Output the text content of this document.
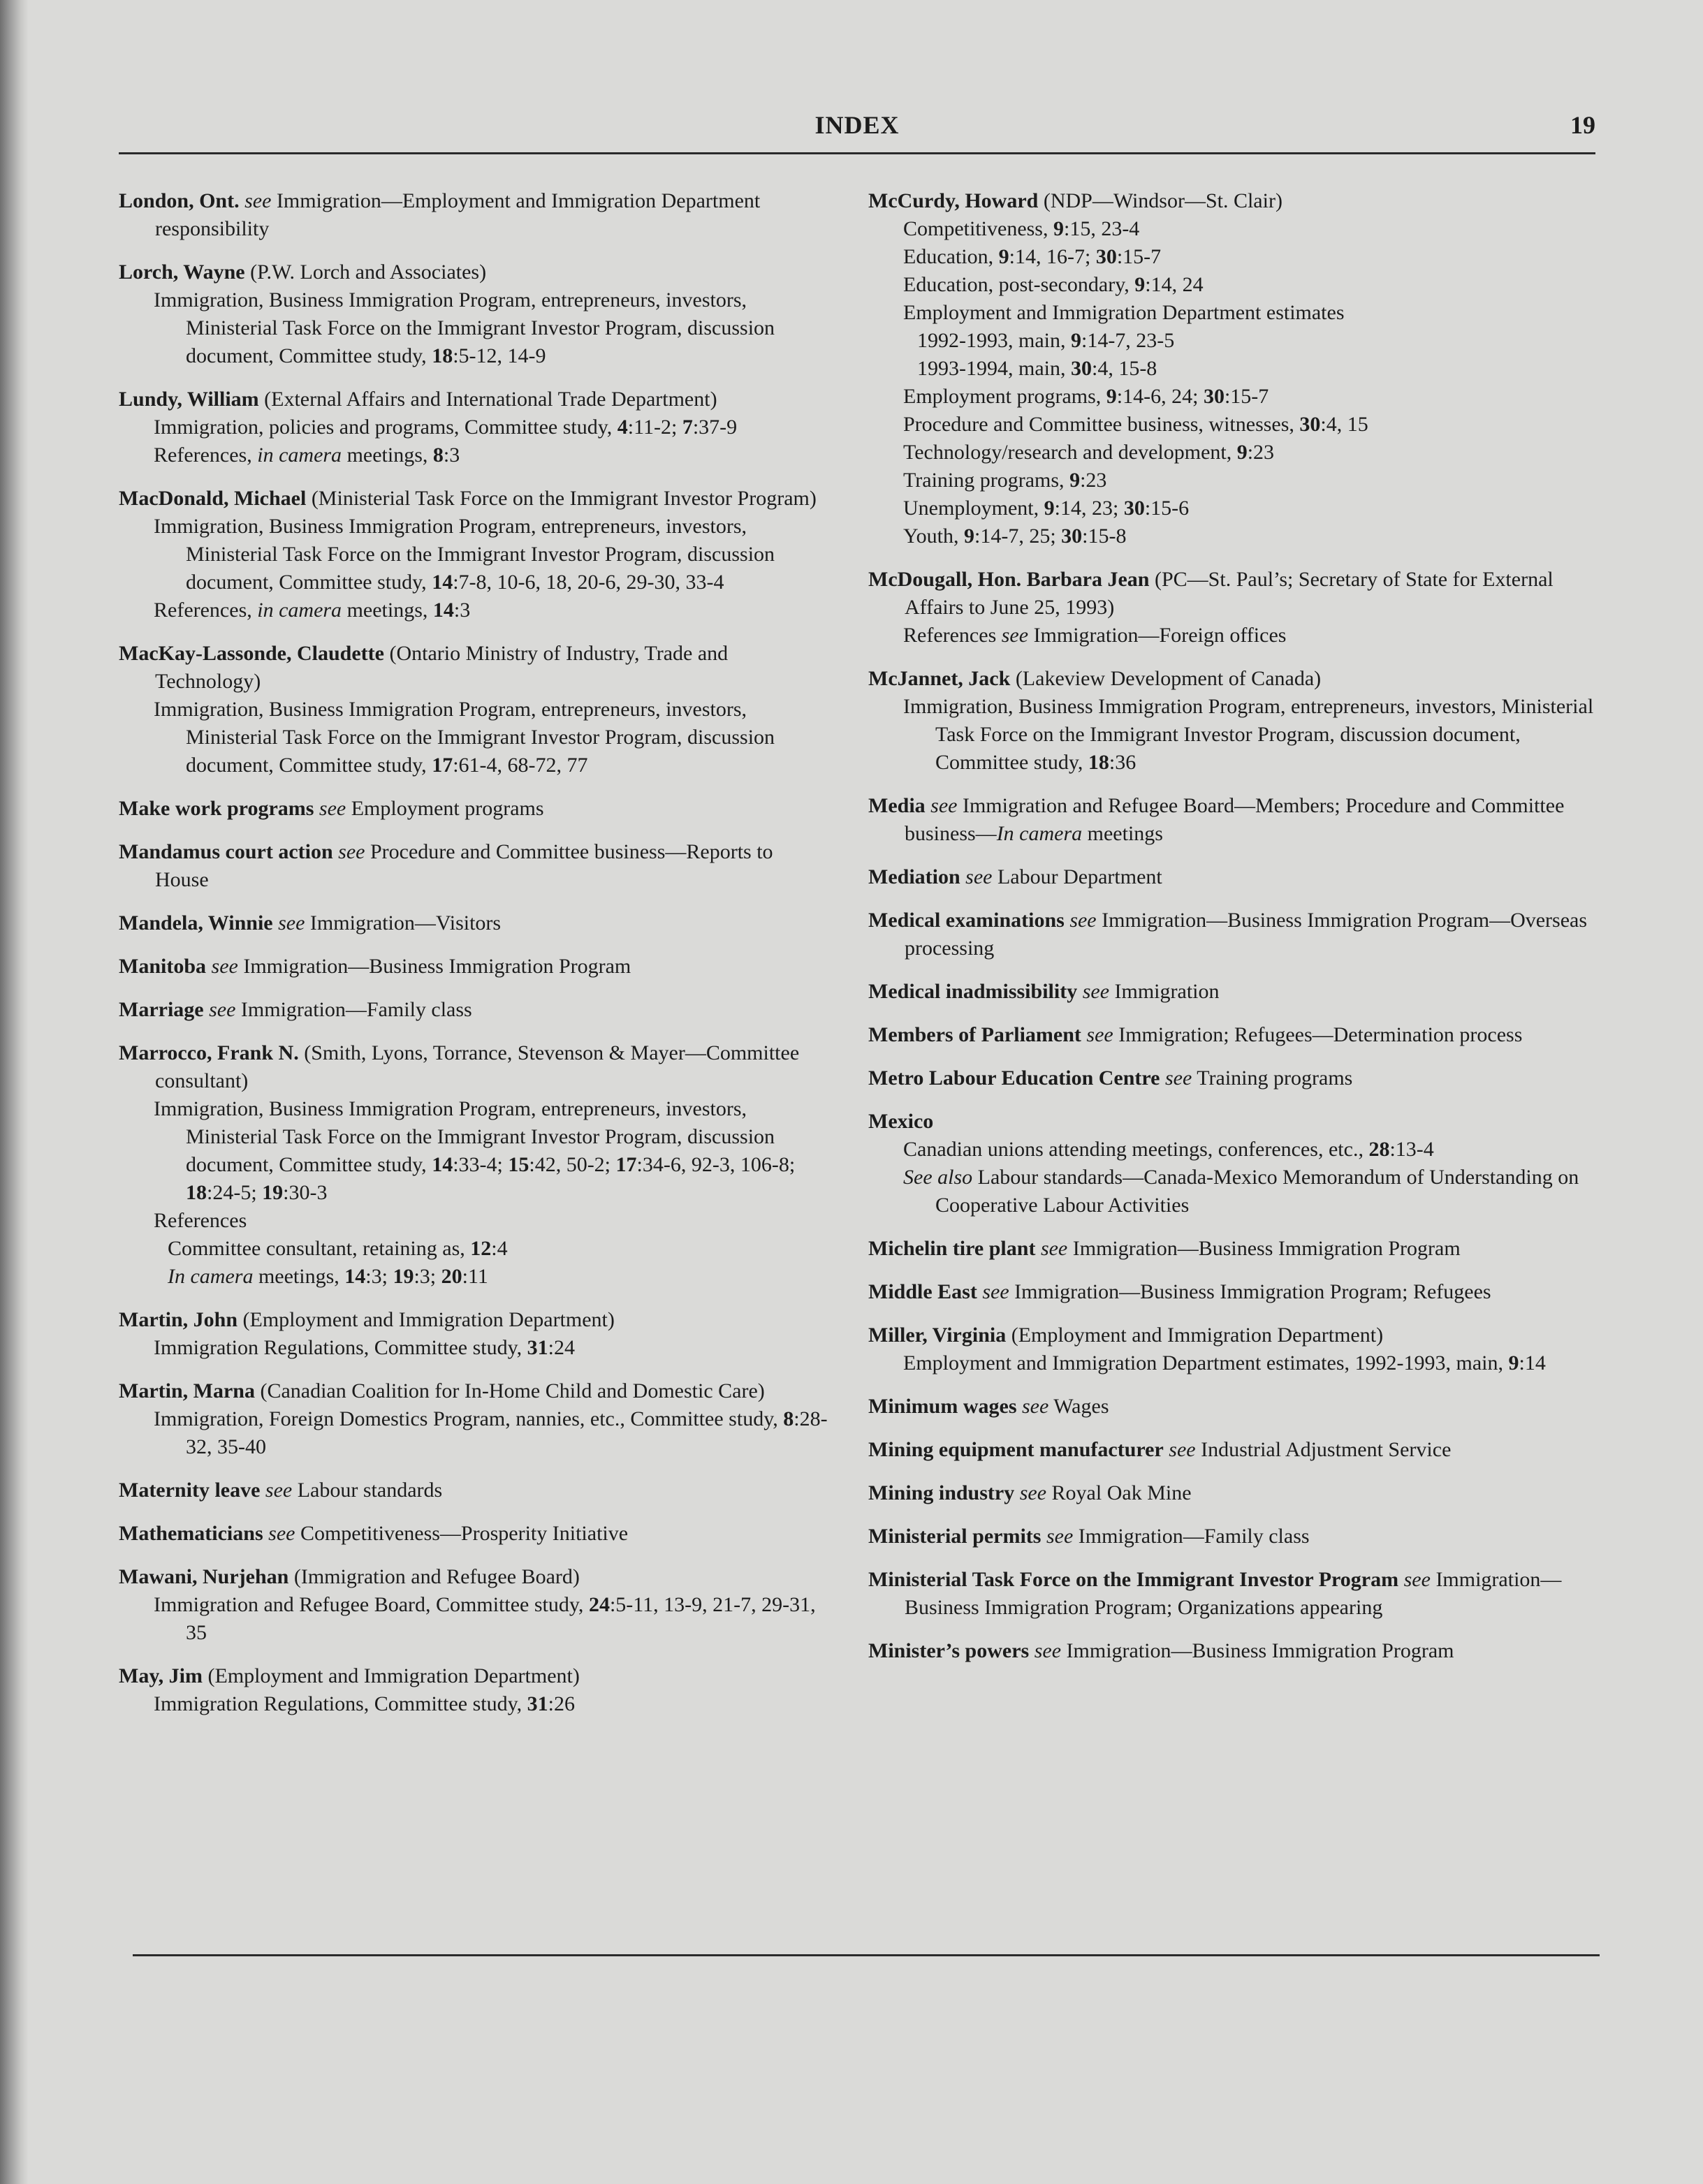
INDEX	19
London, Ont. see Immigration—Employment and Immigration Department responsibility
Lorch, Wayne (P.W. Lorch and Associates)
Immigration, Business Immigration Program, entrepreneurs, investors, Ministerial Task Force on the Immigrant Investor Program, discussion document, Committee study, 18:5-12, 14-9
Lundy, William (External Affairs and International Trade Department)
Immigration, policies and programs, Committee study, 4:11-2; 7:37-9
References, in camera meetings, 8:3
MacDonald, Michael (Ministerial Task Force on the Immigrant Investor Program)
Immigration, Business Immigration Program, entrepreneurs, investors, Ministerial Task Force on the Immigrant Investor Program, discussion document, Committee study, 14:7-8, 10-6, 18, 20-6, 29-30, 33-4
References, in camera meetings, 14:3
MacKay-Lassonde, Claudette (Ontario Ministry of Industry, Trade and Technology)
Immigration, Business Immigration Program, entrepreneurs, investors, Ministerial Task Force on the Immigrant Investor Program, discussion document, Committee study, 17:61-4, 68-72, 77
Make work programs see Employment programs
Mandamus court action see Procedure and Committee business—Reports to House
Mandela, Winnie see Immigration—Visitors
Manitoba see Immigration—Business Immigration Program
Marriage see Immigration—Family class
Marrocco, Frank N. (Smith, Lyons, Torrance, Stevenson & Mayer—Committee consultant)
Immigration, Business Immigration Program, entrepreneurs, investors, Ministerial Task Force on the Immigrant Investor Program, discussion document, Committee study, 14:33-4; 15:42, 50-2; 17:34-6, 92-3, 106-8; 18:24-5; 19:30-3
References
Committee consultant, retaining as, 12:4
In camera meetings, 14:3; 19:3; 20:11
Martin, John (Employment and Immigration Department)
Immigration Regulations, Committee study, 31:24
Martin, Marna (Canadian Coalition for In-Home Child and Domestic Care)
Immigration, Foreign Domestics Program, nannies, etc., Committee study, 8:28-32, 35-40
Maternity leave see Labour standards
Mathematicians see Competitiveness—Prosperity Initiative
Mawani, Nurjehan (Immigration and Refugee Board)
Immigration and Refugee Board, Committee study, 24:5-11, 13-9, 21-7, 29-31, 35
May, Jim (Employment and Immigration Department)
Immigration Regulations, Committee study, 31:26
McCurdy, Howard (NDP—Windsor—St. Clair)
Competitiveness, 9:15, 23-4
Education, 9:14, 16-7; 30:15-7
Education, post-secondary, 9:14, 24
Employment and Immigration Department estimates
1992-1993, main, 9:14-7, 23-5
1993-1994, main, 30:4, 15-8
Employment programs, 9:14-6, 24; 30:15-7
Procedure and Committee business, witnesses, 30:4, 15
Technology/research and development, 9:23
Training programs, 9:23
Unemployment, 9:14, 23; 30:15-6
Youth, 9:14-7, 25; 30:15-8
McDougall, Hon. Barbara Jean (PC—St. Paul’s; Secretary of State for External Affairs to June 25, 1993)
References see Immigration—Foreign offices
McJannet, Jack (Lakeview Development of Canada)
Immigration, Business Immigration Program, entrepreneurs, investors, Ministerial Task Force on the Immigrant Investor Program, discussion document, Committee study, 18:36
Media see Immigration and Refugee Board—Members; Procedure and Committee business—In camera meetings
Mediation see Labour Department
Medical examinations see Immigration—Business Immigration Program—Overseas processing
Medical inadmissibility see Immigration
Members of Parliament see Immigration; Refugees—Determination process
Metro Labour Education Centre see Training programs
Mexico
Canadian unions attending meetings, conferences, etc., 28:13-4
See also Labour standards—Canada-Mexico Memorandum of Understanding on Cooperative Labour Activities
Michelin tire plant see Immigration—Business Immigration Program
Middle East see Immigration—Business Immigration Program; Refugees
Miller, Virginia (Employment and Immigration Department)
Employment and Immigration Department estimates, 1992-1993, main, 9:14
Minimum wages see Wages
Mining equipment manufacturer see Industrial Adjustment Service
Mining industry see Royal Oak Mine
Ministerial permits see Immigration—Family class
Ministerial Task Force on the Immigrant Investor Program see Immigration—Business Immigration Program; Organizations appearing
Minister’s powers see Immigration—Business Immigration Program
